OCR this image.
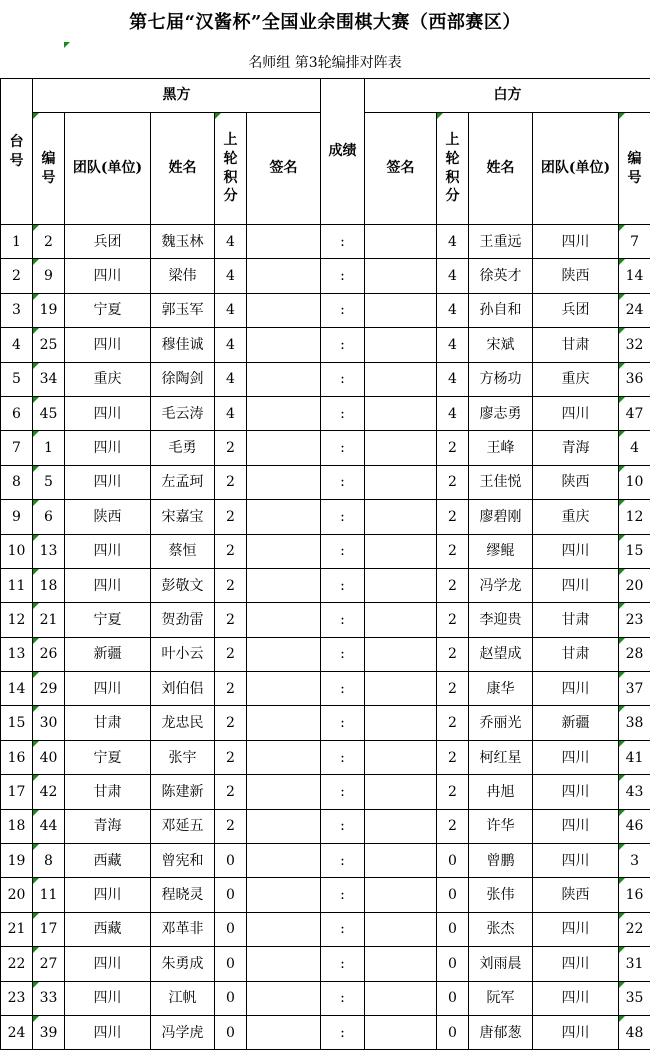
第七届“汉酱杯”全国业余围棋大赛（西部赛区）
名师组 第3轮编排对阵表
台号	黑方					成绩	白方				
	编号	团队(单位)	姓名	上轮积分	签名		签名	上轮积分	姓名	团队(单位)	编号
1	2	兵团	魏玉林	4		:		4	王重远	四川	7
2	9	四川	梁伟	4		:		4	徐英才	陕西	14
3	19	宁夏	郭玉军	4		:		4	孙自和	兵团	24
4	25	四川	穆佳诚	4		:		4	宋斌	甘肃	32
5	34	重庆	徐陶剑	4		:		4	方杨功	重庆	36
6	45	四川	毛云涛	4		:		4	廖志勇	四川	47
7	1	四川	毛勇	2		:		2	王峰	青海	4
8	5	四川	左孟珂	2		:		2	王佳悦	陕西	10
9	6	陕西	宋嘉宝	2		:		2	廖碧刚	重庆	12
10	13	四川	蔡恒	2		:		2	缪鲲	四川	15
11	18	四川	彭敬文	2		:		2	冯学龙	四川	20
12	21	宁夏	贺劲雷	2		:		2	李迎贵	甘肃	23
13	26	新疆	叶小云	2		:		2	赵望成	甘肃	28
14	29	四川	刘伯侣	2		:		2	康华	四川	37
15	30	甘肃	龙忠民	2		:		2	乔丽光	新疆	38
16	40	宁夏	张宇	2		:		2	柯红星	四川	41
17	42	甘肃	陈建新	2		:		2	冉旭	四川	43
18	44	青海	邓延五	2		:		2	许华	四川	46
19	8	西藏	曾宪和	0		:		0	曾鹏	四川	3
20	11	四川	程晓灵	0		:		0	张伟	陕西	16
21	17	西藏	邓革非	0		:		0	张杰	四川	22
22	27	四川	朱勇成	0		:		0	刘雨晨	四川	31
23	33	四川	江帆	0		:		0	阮军	四川	35
24	39	四川	冯学虎	0		:		0	唐郁葱	四川	48
